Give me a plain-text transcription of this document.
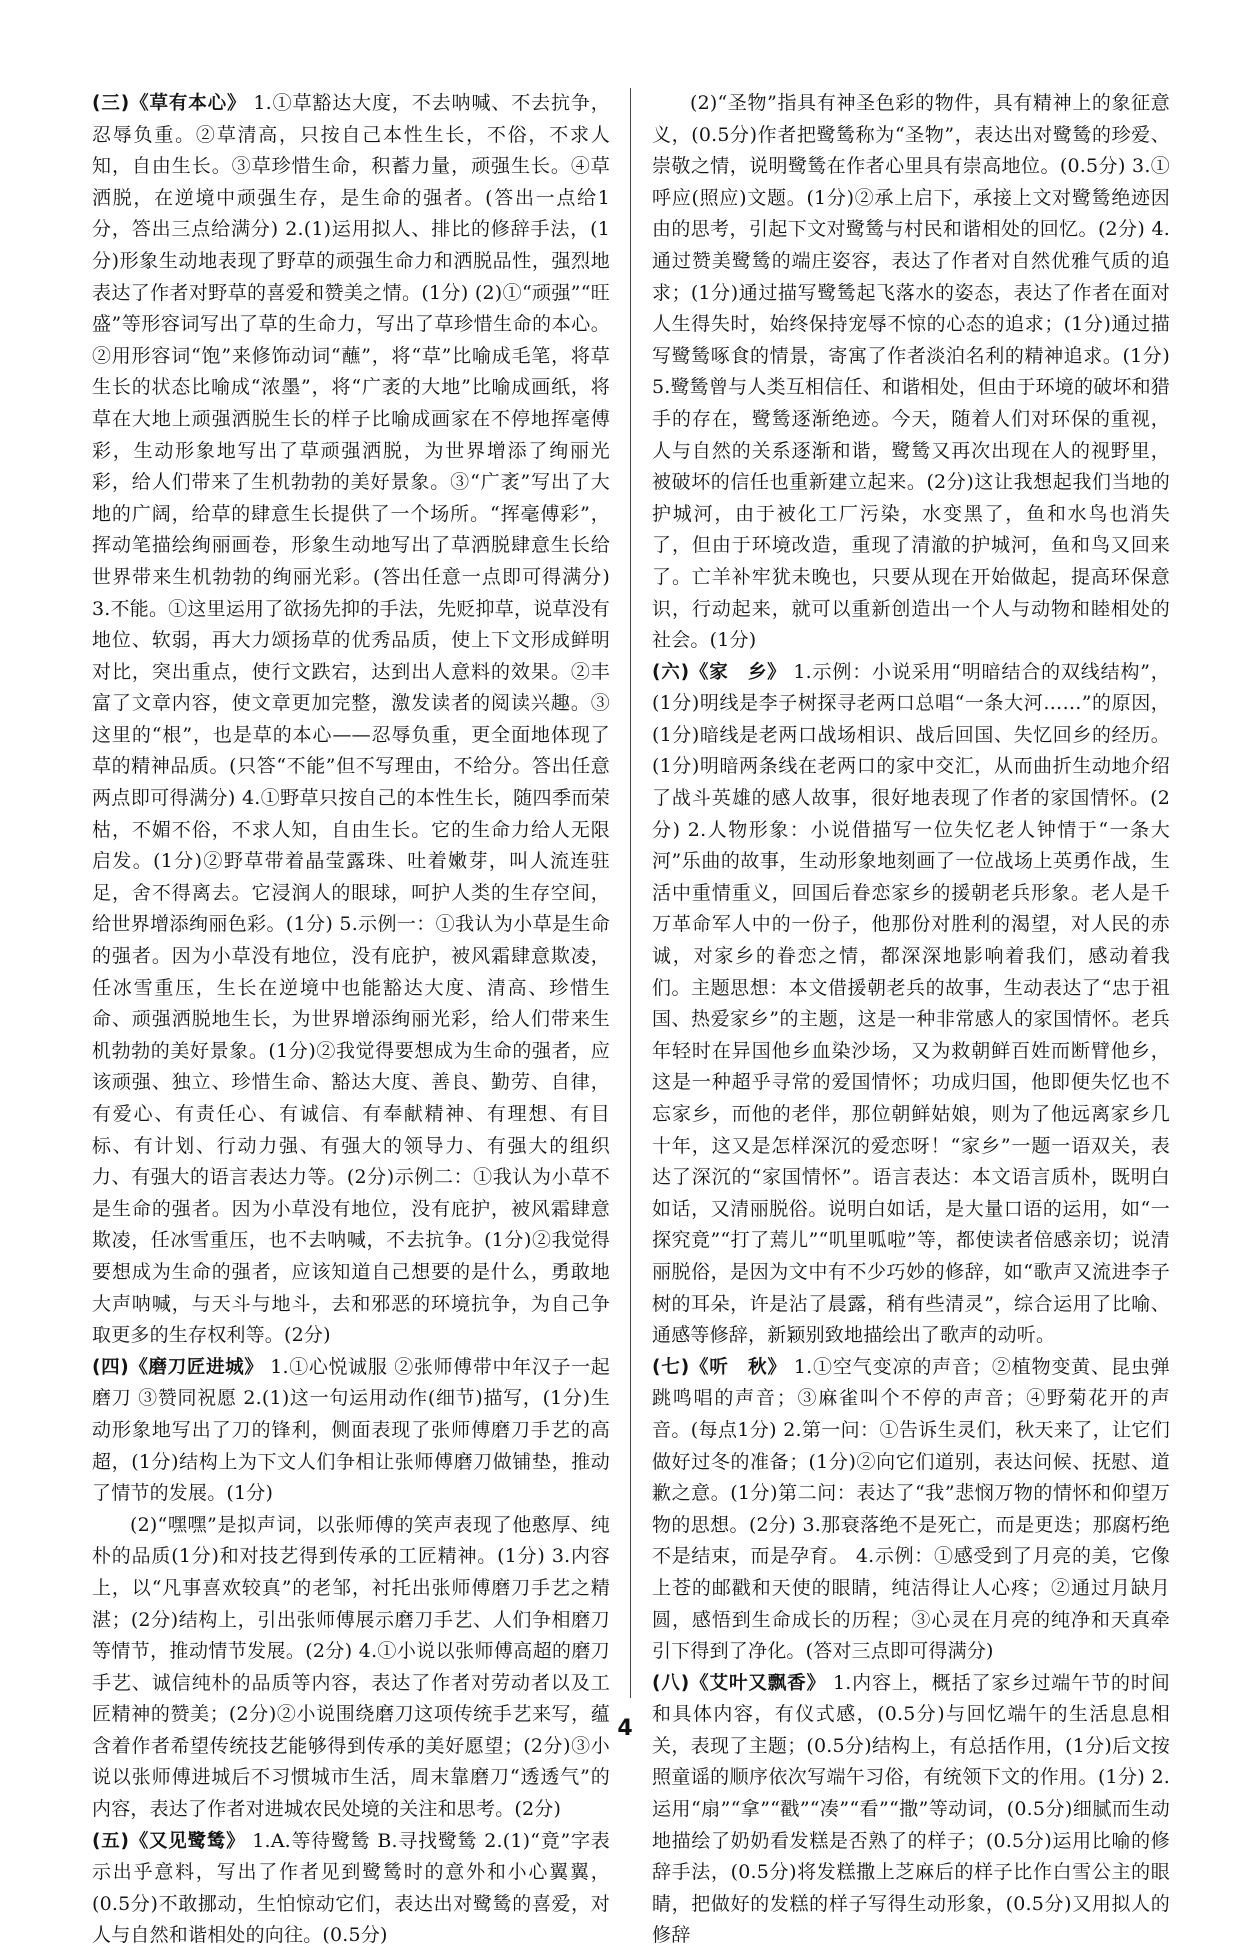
(三)《草有本心》 1.①草豁达大度，不去呐喊、不去抗争，忍辱负重。②草清高，只按自己本性生长，不俗，不求人知，自由生长。③草珍惜生命，积蓄力量，顽强生长。④草洒脱，在逆境中顽强生存，是生命的强者。(答出一点给1分，答出三点给满分) 2.(1)运用拟人、排比的修辞手法，(1分)形象生动地表现了野草的顽强生命力和洒脱品性，强烈地表达了作者对野草的喜爱和赞美之情。(1分) (2)①“顽强”“旺盛”等形容词写出了草的生命力，写出了草珍惜生命的本心。②用形容词“饱”来修饰动词“蘸”，将“草”比喻成毛笔，将草生长的状态比喻成“浓墨”，将“广袤的大地”比喻成画纸，将草在大地上顽强洒脱生长的样子比喻成画家在不停地挥毫傅彩，生动形象地写出了草顽强洒脱，为世界增添了绚丽光彩，给人们带来了生机勃勃的美好景象。③“广袤”写出了大地的广阔，给草的肆意生长提供了一个场所。“挥毫傅彩”，挥动笔描绘绚丽画卷，形象生动地写出了草洒脱肆意生长给世界带来生机勃勃的绚丽光彩。(答出任意一点即可得满分) 3.不能。①这里运用了欲扬先抑的手法，先贬抑草，说草没有地位、软弱，再大力颂扬草的优秀品质，使上下文形成鲜明对比，突出重点，使行文跌宕，达到出人意料的效果。②丰富了文章内容，使文章更加完整，激发读者的阅读兴趣。③这里的“根”，也是草的本心——忍辱负重，更全面地体现了草的精神品质。(只答“不能”但不写理由，不给分。答出任意两点即可得满分) 4.①野草只按自己的本性生长，随四季而荣枯，不媚不俗，不求人知，自由生长。它的生命力给人无限启发。(1分)②野草带着晶莹露珠、吐着嫩芽，叫人流连驻足，舍不得离去。它浸润人的眼球，呵护人类的生存空间，给世界增添绚丽色彩。(1分) 5.示例一：①我认为小草是生命的强者。因为小草没有地位，没有庇护，被风霜肆意欺凌，任冰雪重压，生长在逆境中也能豁达大度、清高、珍惜生命、顽强洒脱地生长，为世界增添绚丽光彩，给人们带来生机勃勃的美好景象。(1分)②我觉得要想成为生命的强者，应该顽强、独立、珍惜生命、豁达大度、善良、勤劳、自律，有爱心、有责任心、有诚信、有奉献精神、有理想、有目标、有计划、行动力强、有强大的领导力、有强大的组织力、有强大的语言表达力等。(2分)示例二：①我认为小草不是生命的强者。因为小草没有地位，没有庇护，被风霜肆意欺凌，任冰雪重压，也不去呐喊，不去抗争。(1分)②我觉得要想成为生命的强者，应该知道自己想要的是什么，勇敢地大声呐喊，与天斗与地斗，去和邪恶的环境抗争，为自己争取更多的生存权利等。(2分)

(四)《磨刀匠进城》 1.①心悦诚服 ②张师傅带中年汉子一起磨刀 ③赞同祝愿 2.(1)这一句运用动作(细节)描写，(1分)生动形象地写出了刀的锋利，侧面表现了张师傅磨刀手艺的高超，(1分)结构上为下文人们争相让张师傅磨刀做铺垫，推动了情节的发展。(1分)

(2)“嘿嘿”是拟声词，以张师傅的笑声表现了他憨厚、纯朴的品质(1分)和对技艺得到传承的工匠精神。(1分) 3.内容上，以“凡事喜欢较真”的老邹，衬托出张师傅磨刀手艺之精湛；(2分)结构上，引出张师傅展示磨刀手艺、人们争相磨刀等情节，推动情节发展。(2分) 4.①小说以张师傅高超的磨刀手艺、诚信纯朴的品质等内容，表达了作者对劳动者以及工匠精神的赞美；(2分)②小说围绕磨刀这项传统手艺来写，蕴含着作者希望传统技艺能够得到传承的美好愿望；(2分)③小说以张师傅进城后不习惯城市生活，周末靠磨刀“透透气”的内容，表达了作者对进城农民处境的关注和思考。(2分)

(五)《又见鹭鸶》 1.A.等待鹭鸶 B.寻找鹭鸶 2.(1)“竟”字表示出乎意料，写出了作者见到鹭鸶时的意外和小心翼翼，(0.5分)不敢挪动，生怕惊动它们，表达出对鹭鸶的喜爱，对人与自然和谐相处的向往。(0.5分)

(2)“圣物”指具有神圣色彩的物件，具有精神上的象征意义，(0.5分)作者把鹭鸶称为“圣物”，表达出对鹭鸶的珍爱、崇敬之情，说明鹭鸶在作者心里具有崇高地位。(0.5分) 3.①呼应(照应)文题。(1分)②承上启下，承接上文对鹭鸶绝迹因由的思考，引起下文对鹭鸶与村民和谐相处的回忆。(2分) 4.通过赞美鹭鸶的端庄姿容，表达了作者对自然优雅气质的追求；(1分)通过描写鹭鸶起飞落水的姿态，表达了作者在面对人生得失时，始终保持宠辱不惊的心态的追求；(1分)通过描写鹭鸶啄食的情景，寄寓了作者淡泊名利的精神追求。(1分) 5.鹭鸶曾与人类互相信任、和谐相处，但由于环境的破坏和猎手的存在，鹭鸶逐渐绝迹。今天，随着人们对环保的重视，人与自然的关系逐渐和谐，鹭鸶又再次出现在人的视野里，被破坏的信任也重新建立起来。(2分)这让我想起我们当地的护城河，由于被化工厂污染，水变黑了，鱼和水鸟也消失了，但由于环境改造，重现了清澈的护城河，鱼和鸟又回来了。亡羊补牢犹未晚也，只要从现在开始做起，提高环保意识，行动起来，就可以重新创造出一个人与动物和睦相处的社会。(1分)

(六)《家　乡》 1.示例：小说采用“明暗结合的双线结构”，(1分)明线是李子树探寻老两口总唱“一条大河……”的原因，(1分)暗线是老两口战场相识、战后回国、失忆回乡的经历。(1分)明暗两条线在老两口的家中交汇，从而曲折生动地介绍了战斗英雄的感人故事，很好地表现了作者的家国情怀。(2分) 2.人物形象：小说借描写一位失忆老人钟情于“一条大河”乐曲的故事，生动形象地刻画了一位战场上英勇作战，生活中重情重义，回国后眷恋家乡的援朝老兵形象。老人是千万革命军人中的一份子，他那份对胜利的渴望，对人民的赤诚，对家乡的眷恋之情，都深深地影响着我们，感动着我们。主题思想：本文借援朝老兵的故事，生动表达了“忠于祖国、热爱家乡”的主题，这是一种非常感人的家国情怀。老兵年轻时在异国他乡血染沙场，又为救朝鲜百姓而断臂他乡，这是一种超乎寻常的爱国情怀；功成归国，他即便失忆也不忘家乡，而他的老伴，那位朝鲜姑娘，则为了他远离家乡几十年，这又是怎样深沉的爱恋呀！“家乡”一题一语双关，表达了深沉的“家国情怀”。语言表达：本文语言质朴，既明白如话，又清丽脱俗。说明白如话，是大量口语的运用，如“一探究竟”“打了蔫儿”“叽里呱啦”等，都使读者倍感亲切；说清丽脱俗，是因为文中有不少巧妙的修辞，如“歌声又流进李子树的耳朵，许是沾了晨露，稍有些清灵”，综合运用了比喻、通感等修辞，新颖别致地描绘出了歌声的动听。

(七)《听　秋》 1.①空气变凉的声音；②植物变黄、昆虫弹跳鸣唱的声音；③麻雀叫个不停的声音；④野菊花开的声音。(每点1分) 2.第一问：①告诉生灵们，秋天来了，让它们做好过冬的准备；(1分)②向它们道别，表达问候、抚慰、道歉之意。(1分)第二问：表达了“我”悲悯万物的情怀和仰望万物的思想。(2分) 3.那衰落绝不是死亡，而是更迭；那腐朽绝不是结束，而是孕育。 4.示例：①感受到了月亮的美，它像上苍的邮戳和天使的眼睛，纯洁得让人心疼；②通过月缺月圆，感悟到生命成长的历程；③心灵在月亮的纯净和天真牵引下得到了净化。(答对三点即可得满分)

(八)《艾叶又飘香》 1.内容上，概括了家乡过端午节的时间和具体内容，有仪式感，(0.5分)与回忆端午的生活息息相关，表现了主题；(0.5分)结构上，有总括作用，(1分)后文按照童谣的顺序依次写端午习俗，有统领下文的作用。(1分) 2.运用“扇”“拿”“戳”“凑”“看”“撒”等动词，(0.5分)细腻而生动地描绘了奶奶看发糕是否熟了的样子；(0.5分)运用比喻的修辞手法，(0.5分)将发糕撒上芝麻后的样子比作白雪公主的眼睛，把做好的发糕的样子写得生动形象，(0.5分)又用拟人的修辞

4
